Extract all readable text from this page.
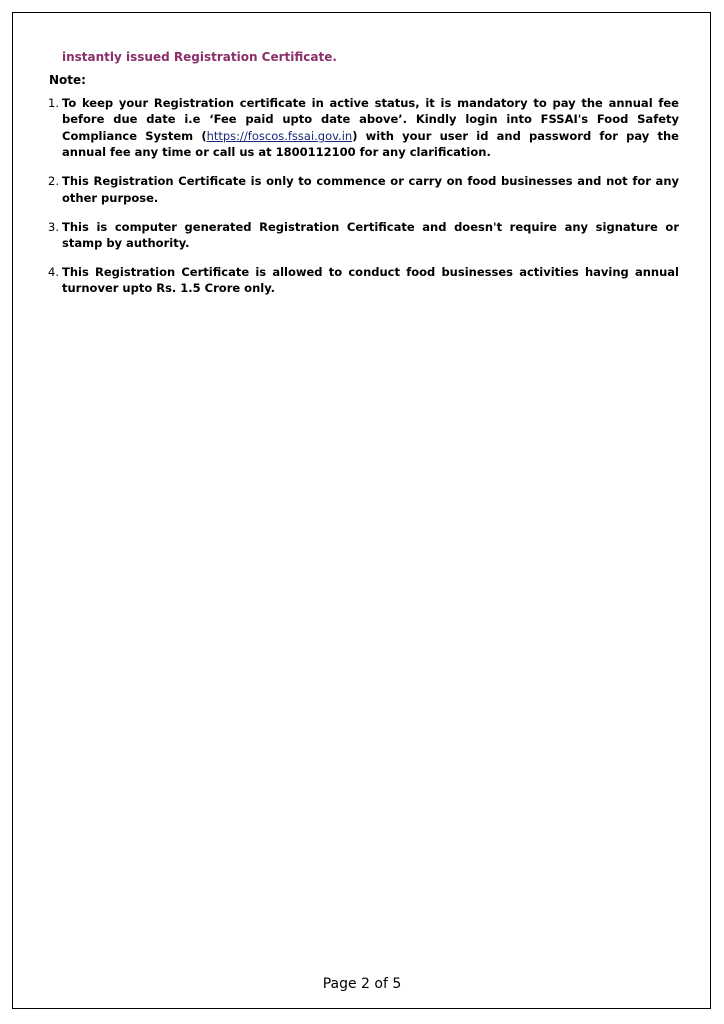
instantly issued Registration Certificate.
Note:
1. To keep your Registration certificate in active status, it is mandatory to pay the annual fee before due date i.e ‘Fee paid upto date above’. Kindly login into FSSAI's Food Safety Compliance System (https://foscos.fssai.gov.in) with your user id and password for pay the annual fee any time or call us at 1800112100 for any clarification.
2. This Registration Certificate is only to commence or carry on food businesses and not for any other purpose.
3. This is computer generated Registration Certificate and doesn't require any signature or stamp by authority.
4. This Registration Certificate is allowed to conduct food businesses activities having annual turnover upto Rs. 1.5 Crore only.
Page 2 of 5
